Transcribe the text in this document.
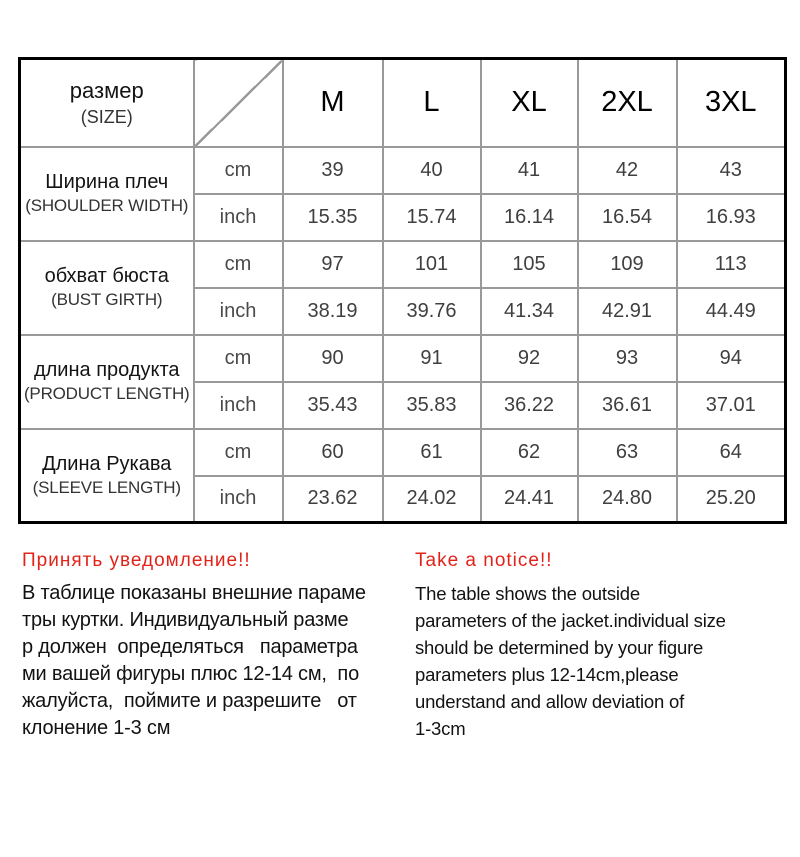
размер
(SIZE)		M	L	XL	2XL	3XL

Ширина плеч
(SHOULDER WIDTH)	cm	39	40	41	42	43
	inch	15.35	15.74	16.14	16.54	16.93

обхват бюста
(BUST GIRTH)	cm	97	101	105	109	113
	inch	38.19	39.76	41.34	42.91	44.49

длина продукта
(PRODUCT LENGTH)	cm	90	91	92	93	94
	inch	35.43	35.83	36.22	36.61	37.01

Длина Рукава
(SLEEVE LENGTH)	cm	60	61	62	63	64
	inch	23.62	24.02	24.41	24.80	25.20

Принять уведомление!!

В таблице показаны внешние параме
тры куртки. Индивидуальный разме
р должен  определяться   параметра
ми вашей фигуры плюс 12-14 см,  по
жалуйста,  поймите и разрешите   от
клонение 1-3 см

Take a notice!!

The table shows the outside
parameters of the jacket.individual size
should be determined by your figure
parameters plus 12-14cm,please
understand and allow deviation of
1-3cm
